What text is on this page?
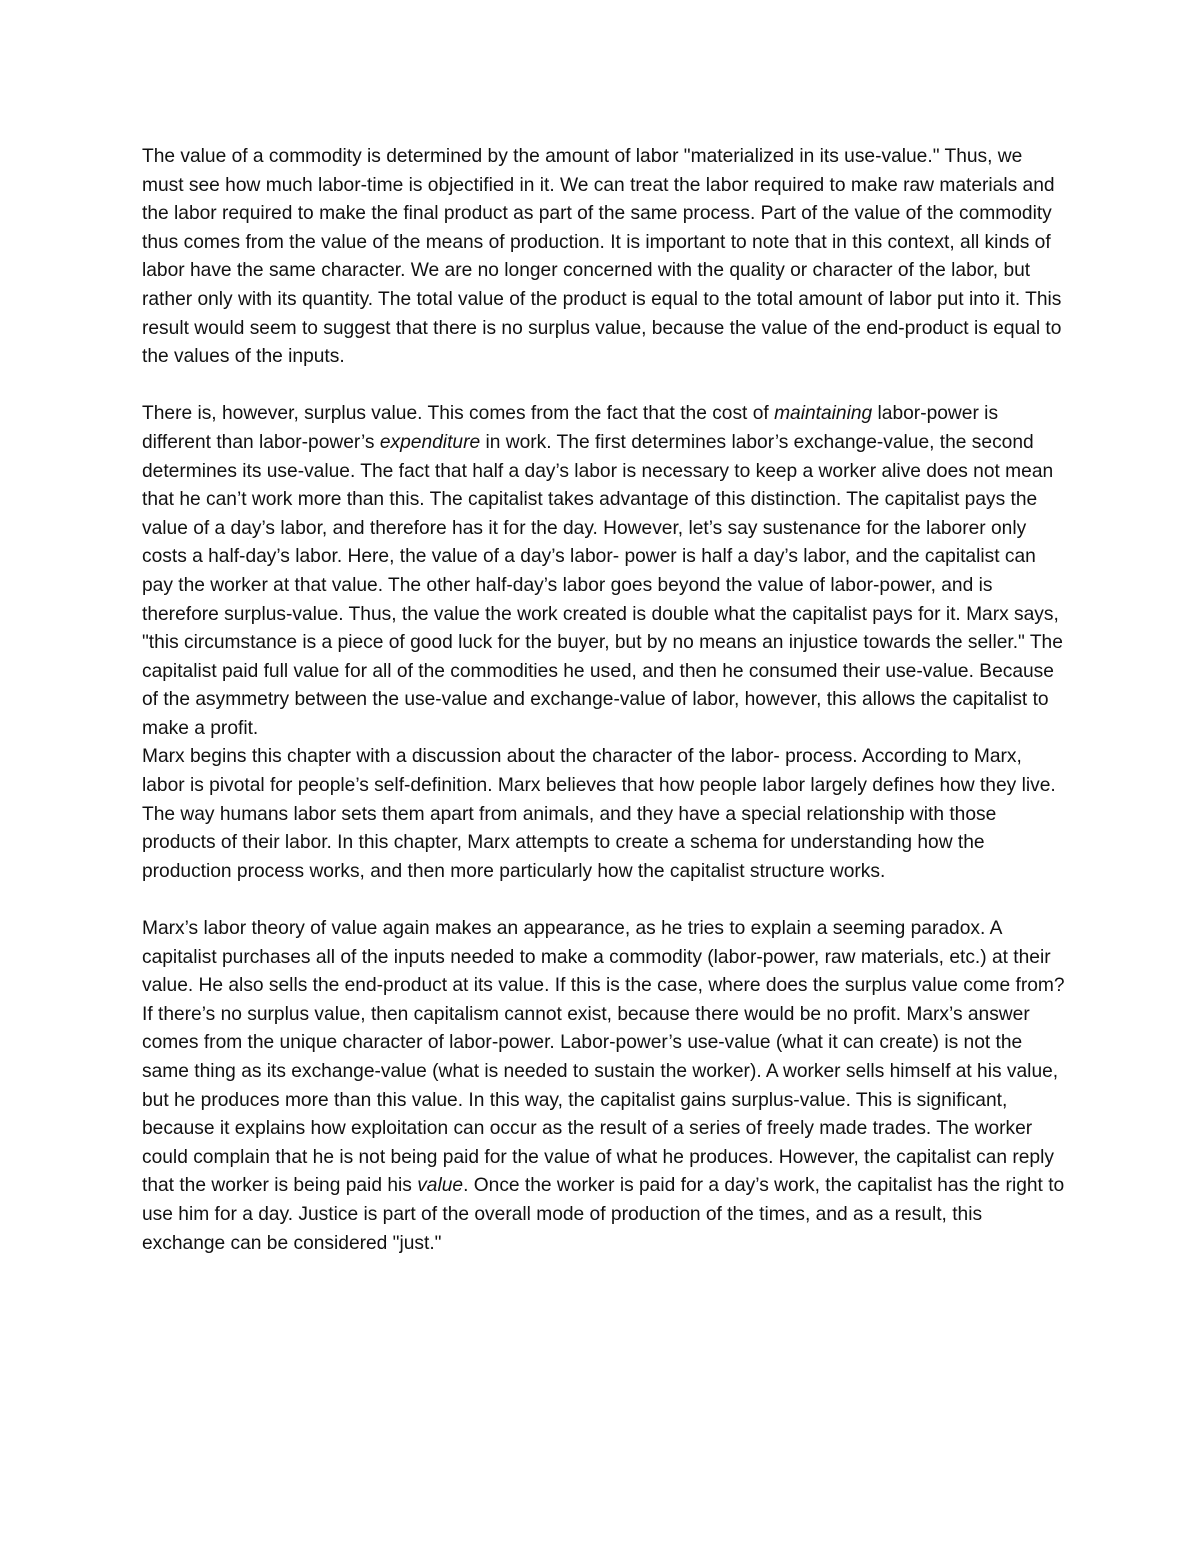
The value of a commodity is determined by the amount of labor "materialized in its use-value." Thus, we must see how much labor-time is objectified in it. We can treat the labor required to make raw materials and the labor required to make the final product as part of the same process. Part of the value of the commodity thus comes from the value of the means of production. It is important to note that in this context, all kinds of labor have the same character. We are no longer concerned with the quality or character of the labor, but rather only with its quantity. The total value of the product is equal to the total amount of labor put into it. This result would seem to suggest that there is no surplus value, because the value of the end-product is equal to the values of the inputs.

There is, however, surplus value. This comes from the fact that the cost of maintaining labor-power is different than labor-power’s expenditure in work. The first determines labor’s exchange-value, the second determines its use-value. The fact that half a day’s labor is necessary to keep a worker alive does not mean that he can’t work more than this. The capitalist takes advantage of this distinction. The capitalist pays the value of a day’s labor, and therefore has it for the day. However, let’s say sustenance for the laborer only costs a half-day’s labor. Here, the value of a day’s labor- power is half a day’s labor, and the capitalist can pay the worker at that value. The other half-day’s labor goes beyond the value of labor-power, and is therefore surplus-value. Thus, the value the work created is double what the capitalist pays for it. Marx says, "this circumstance is a piece of good luck for the buyer, but by no means an injustice towards the seller." The capitalist paid full value for all of the commodities he used, and then he consumed their use-value. Because of the asymmetry between the use-value and exchange-value of labor, however, this allows the capitalist to make a profit.

Marx begins this chapter with a discussion about the character of the labor- process. According to Marx, labor is pivotal for people’s self-definition. Marx believes that how people labor largely defines how they live. The way humans labor sets them apart from animals, and they have a special relationship with those products of their labor. In this chapter, Marx attempts to create a schema for understanding how the production process works, and then more particularly how the capitalist structure works.

Marx’s labor theory of value again makes an appearance, as he tries to explain a seeming paradox. A capitalist purchases all of the inputs needed to make a commodity (labor-power, raw materials, etc.) at their value. He also sells the end-product at its value. If this is the case, where does the surplus value come from? If there’s no surplus value, then capitalism cannot exist, because there would be no profit. Marx’s answer comes from the unique character of labor-power. Labor-power’s use-value (what it can create) is not the same thing as its exchange-value (what is needed to sustain the worker). A worker sells himself at his value, but he produces more than this value. In this way, the capitalist gains surplus-value. This is significant, because it explains how exploitation can occur as the result of a series of freely made trades. The worker could complain that he is not being paid for the value of what he produces. However, the capitalist can reply that the worker is being paid his value. Once the worker is paid for a day’s work, the capitalist has the right to use him for a day. Justice is part of the overall mode of production of the times, and as a result, this exchange can be considered "just."
